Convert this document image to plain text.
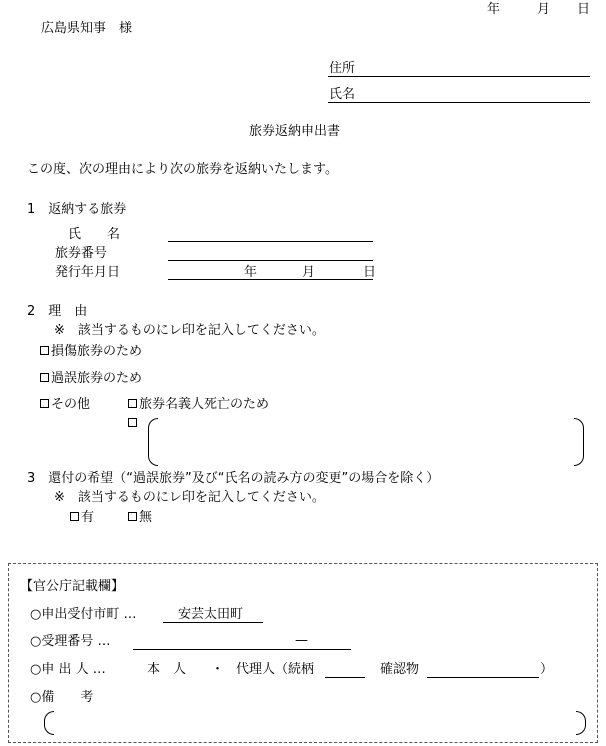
年	月 日
広島県知事　様
住所
氏名
旅券返納申出書
この度、次の理由により次の旅券を返納いたします。
1　返納する旅券
氏　　名
旅券番号
発行年月日	年	月	日
2　理　由
※　該当するものにレ印を記入してください。
損傷旅券のため
過誤旅券のため
その他	旅券名義人死亡のため
3　還付の希望（“過誤旅券”及び“氏名の読み方の変更”の場合を除く）
※　該当するものにレ印を記入してください。
有	無
【官公庁記載欄】
○申出受付市町 …	安芸太田町
○受理番号 …	—
○申 出 人 …	本　人 ・ 代理人（続柄	確認物	）
○備　　考
